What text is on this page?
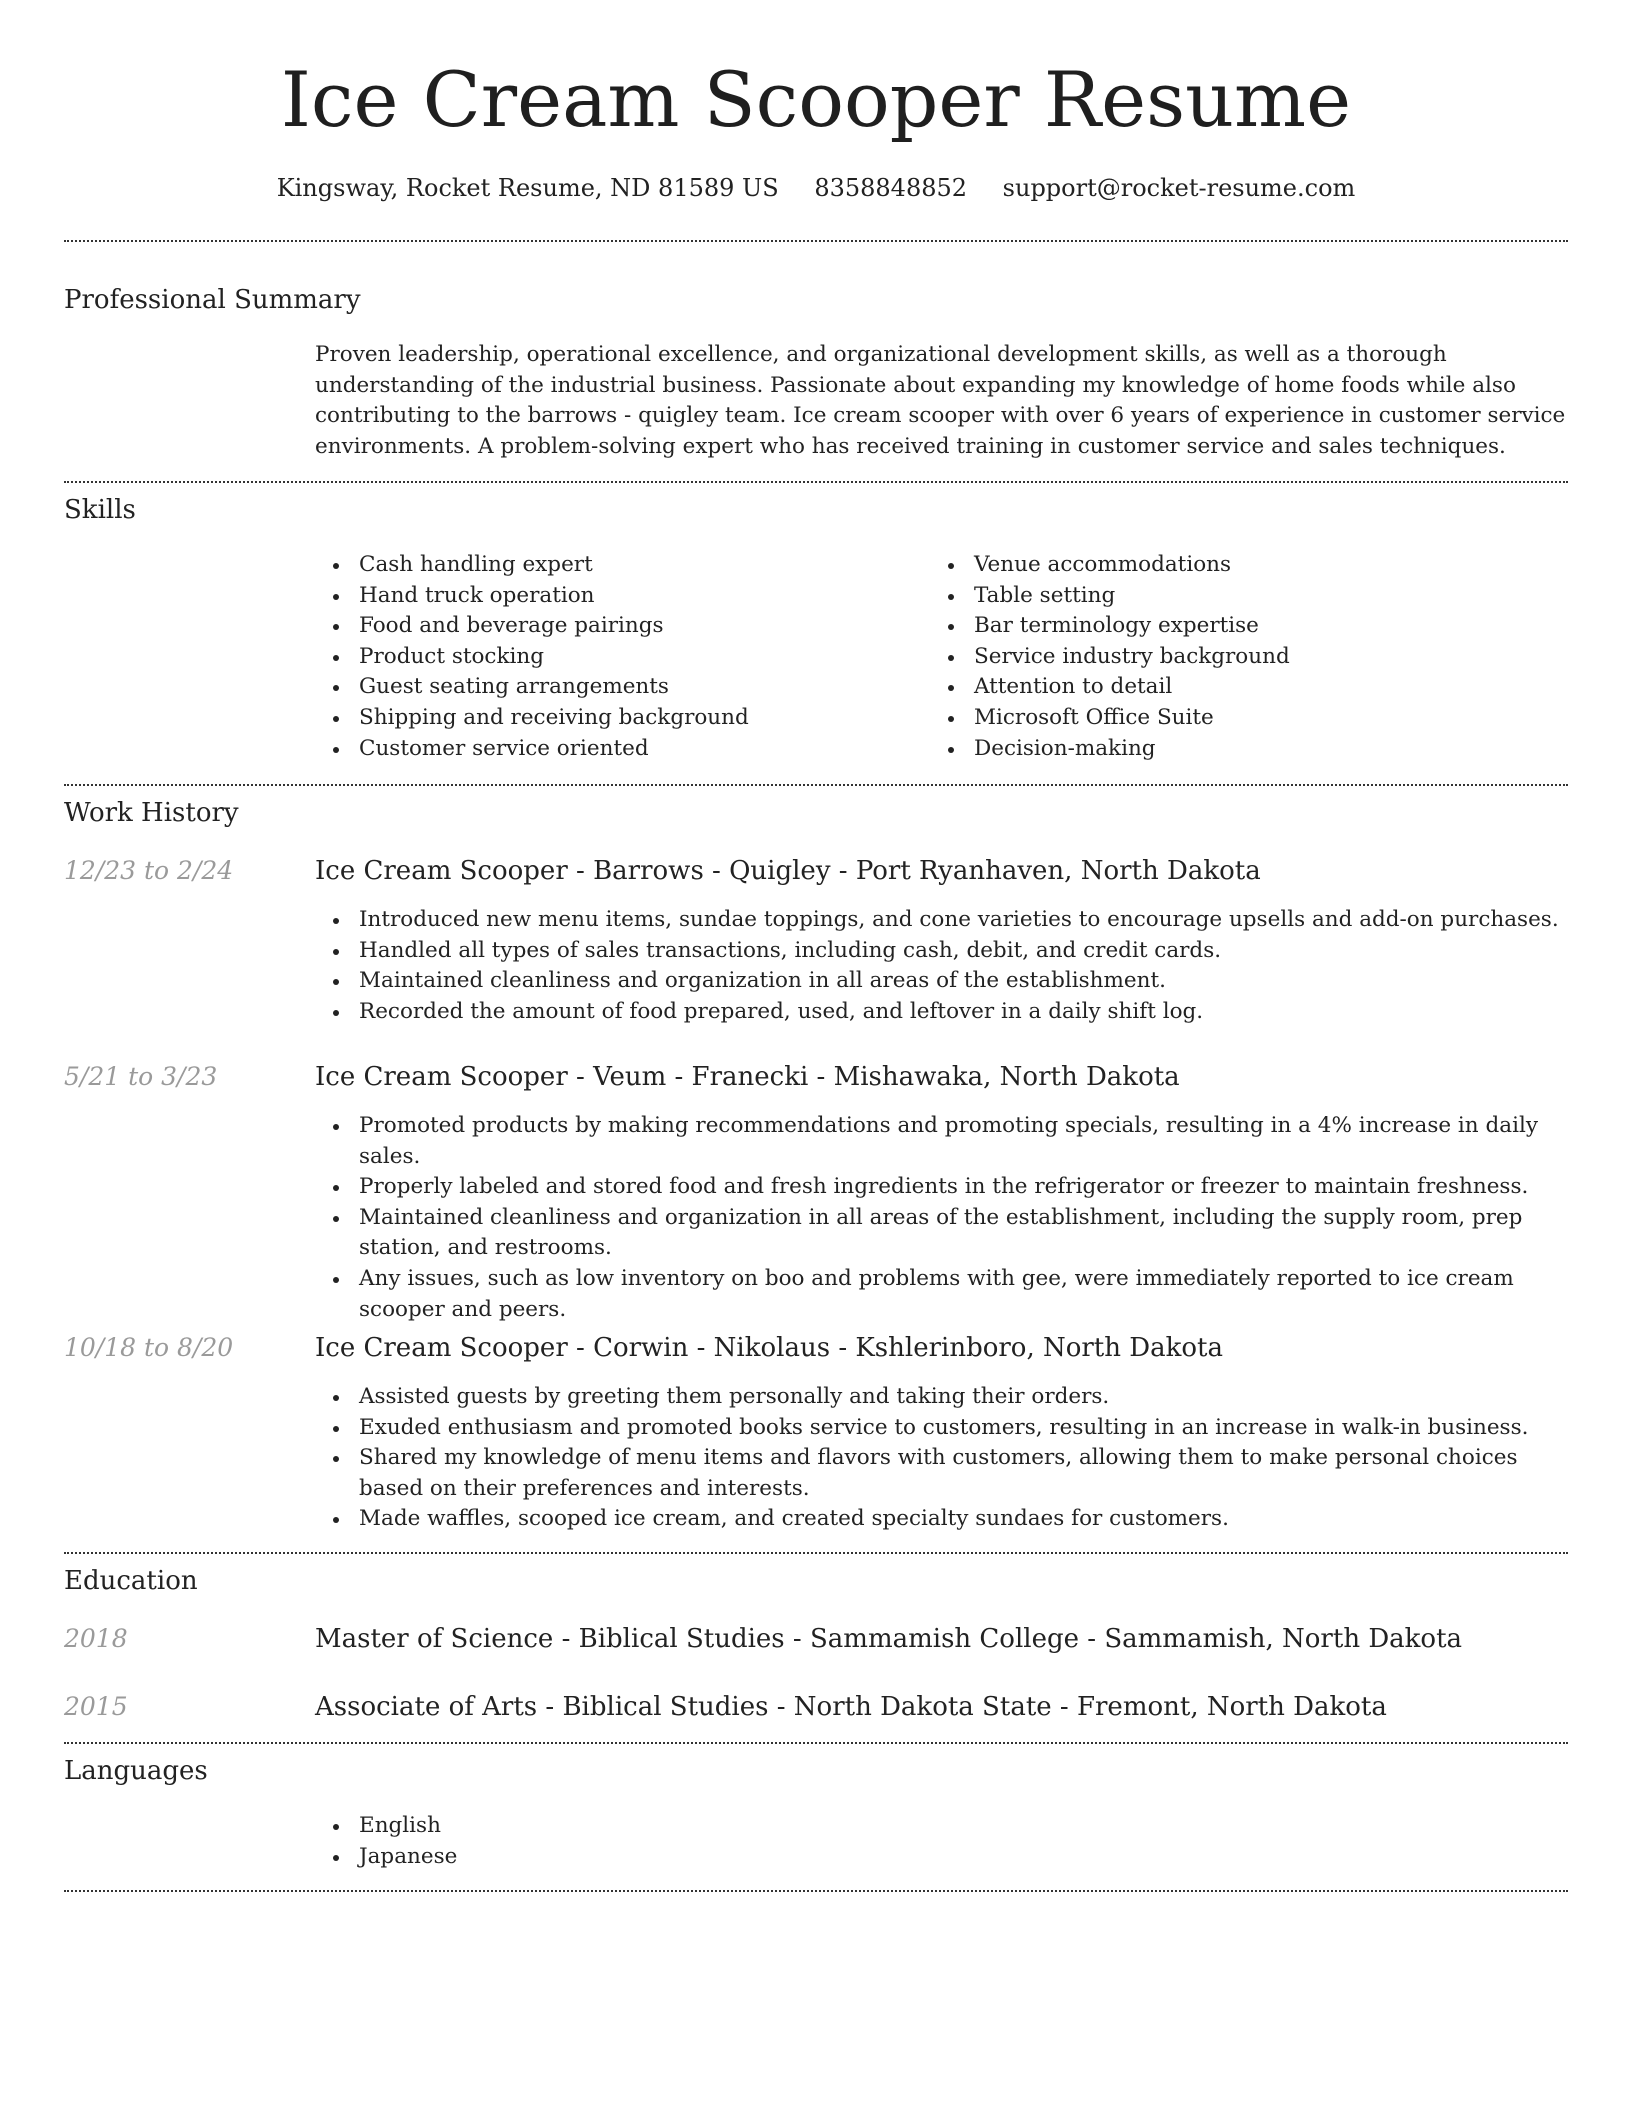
Ice Cream Scooper Resume
Kingsway, Rocket Resume, ND 81589 US 8358848852 support@rocket-resume.com
Professional Summary

Proven leadership, operational excellence, and organizational development skills, as well as a thorough understanding of the industrial business. Passionate about expanding my knowledge of home foods while also contributing to the barrows - quigley team. Ice cream scooper with over 6 years of experience in customer service environments. A problem-solving expert who has received training in customer service and sales techniques.

Skills
Cash handling expert
Hand truck operation
Food and beverage pairings
Product stocking
Guest seating arrangements
Shipping and receiving background
Customer service oriented
Venue accommodations
Table setting
Bar terminology expertise
Service industry background
Attention to detail
Microsoft Office Suite
Decision-making
Work History
12/23 to 2/24	Ice Cream Scooper - Barrows - Quigley - Port Ryanhaven, North Dakota
Introduced new menu items, sundae toppings, and cone varieties to encourage upsells and add-on purchases.
Handled all types of sales transactions, including cash, debit, and credit cards.
Maintained cleanliness and organization in all areas of the establishment.
Recorded the amount of food prepared, used, and leftover in a daily shift log.
5/21 to 3/23	Ice Cream Scooper - Veum - Franecki - Mishawaka, North Dakota
Promoted products by making recommendations and promoting specials, resulting in a 4% increase in daily sales.
Properly labeled and stored food and fresh ingredients in the refrigerator or freezer to maintain freshness.
Maintained cleanliness and organization in all areas of the establishment, including the supply room, prep station, and restrooms.
Any issues, such as low inventory on boo and problems with gee, were immediately reported to ice cream scooper and peers.
10/18 to 8/20	Ice Cream Scooper - Corwin - Nikolaus - Kshlerinboro, North Dakota
Assisted guests by greeting them personally and taking their orders.
Exuded enthusiasm and promoted books service to customers, resulting in an increase in walk-in business.
Shared my knowledge of menu items and flavors with customers, allowing them to make personal choices based on their preferences and interests.
Made waffles, scooped ice cream, and created specialty sundaes for customers.
Education
2018	Master of Science - Biblical Studies - Sammamish College - Sammamish, North Dakota
2015	Associate of Arts - Biblical Studies - North Dakota State - Fremont, North Dakota
Languages
English
Japanese
